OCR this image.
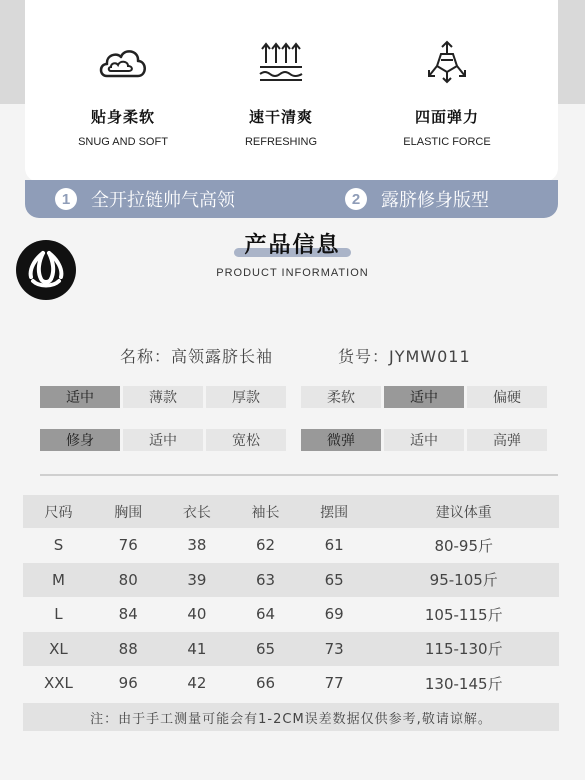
贴身柔软
SNUG AND SOFT
速干清爽
REFRESHING
四面弹力
ELASTIC FORCE
1	全开拉链帅气高领	2	露脐修身版型
产品信息
PRODUCT INFORMATION
名称：高领露脐长袖	货号：JYMW011
适中	薄款	厚款	柔软	适中	偏硬
修身	适中	宽松	微弹	适中	高弹
尺码	胸围	衣长	袖长	摆围	建议体重
S	76	38	62	61	80-95斤
M	80	39	63	65	95-105斤
L	84	40	64	69	105-115斤
XL	88	41	65	73	115-130斤
XXL	96	42	66	77	130-145斤
注：由于手工测量可能会有1-2CM误差数据仅供参考,敬请谅解。
